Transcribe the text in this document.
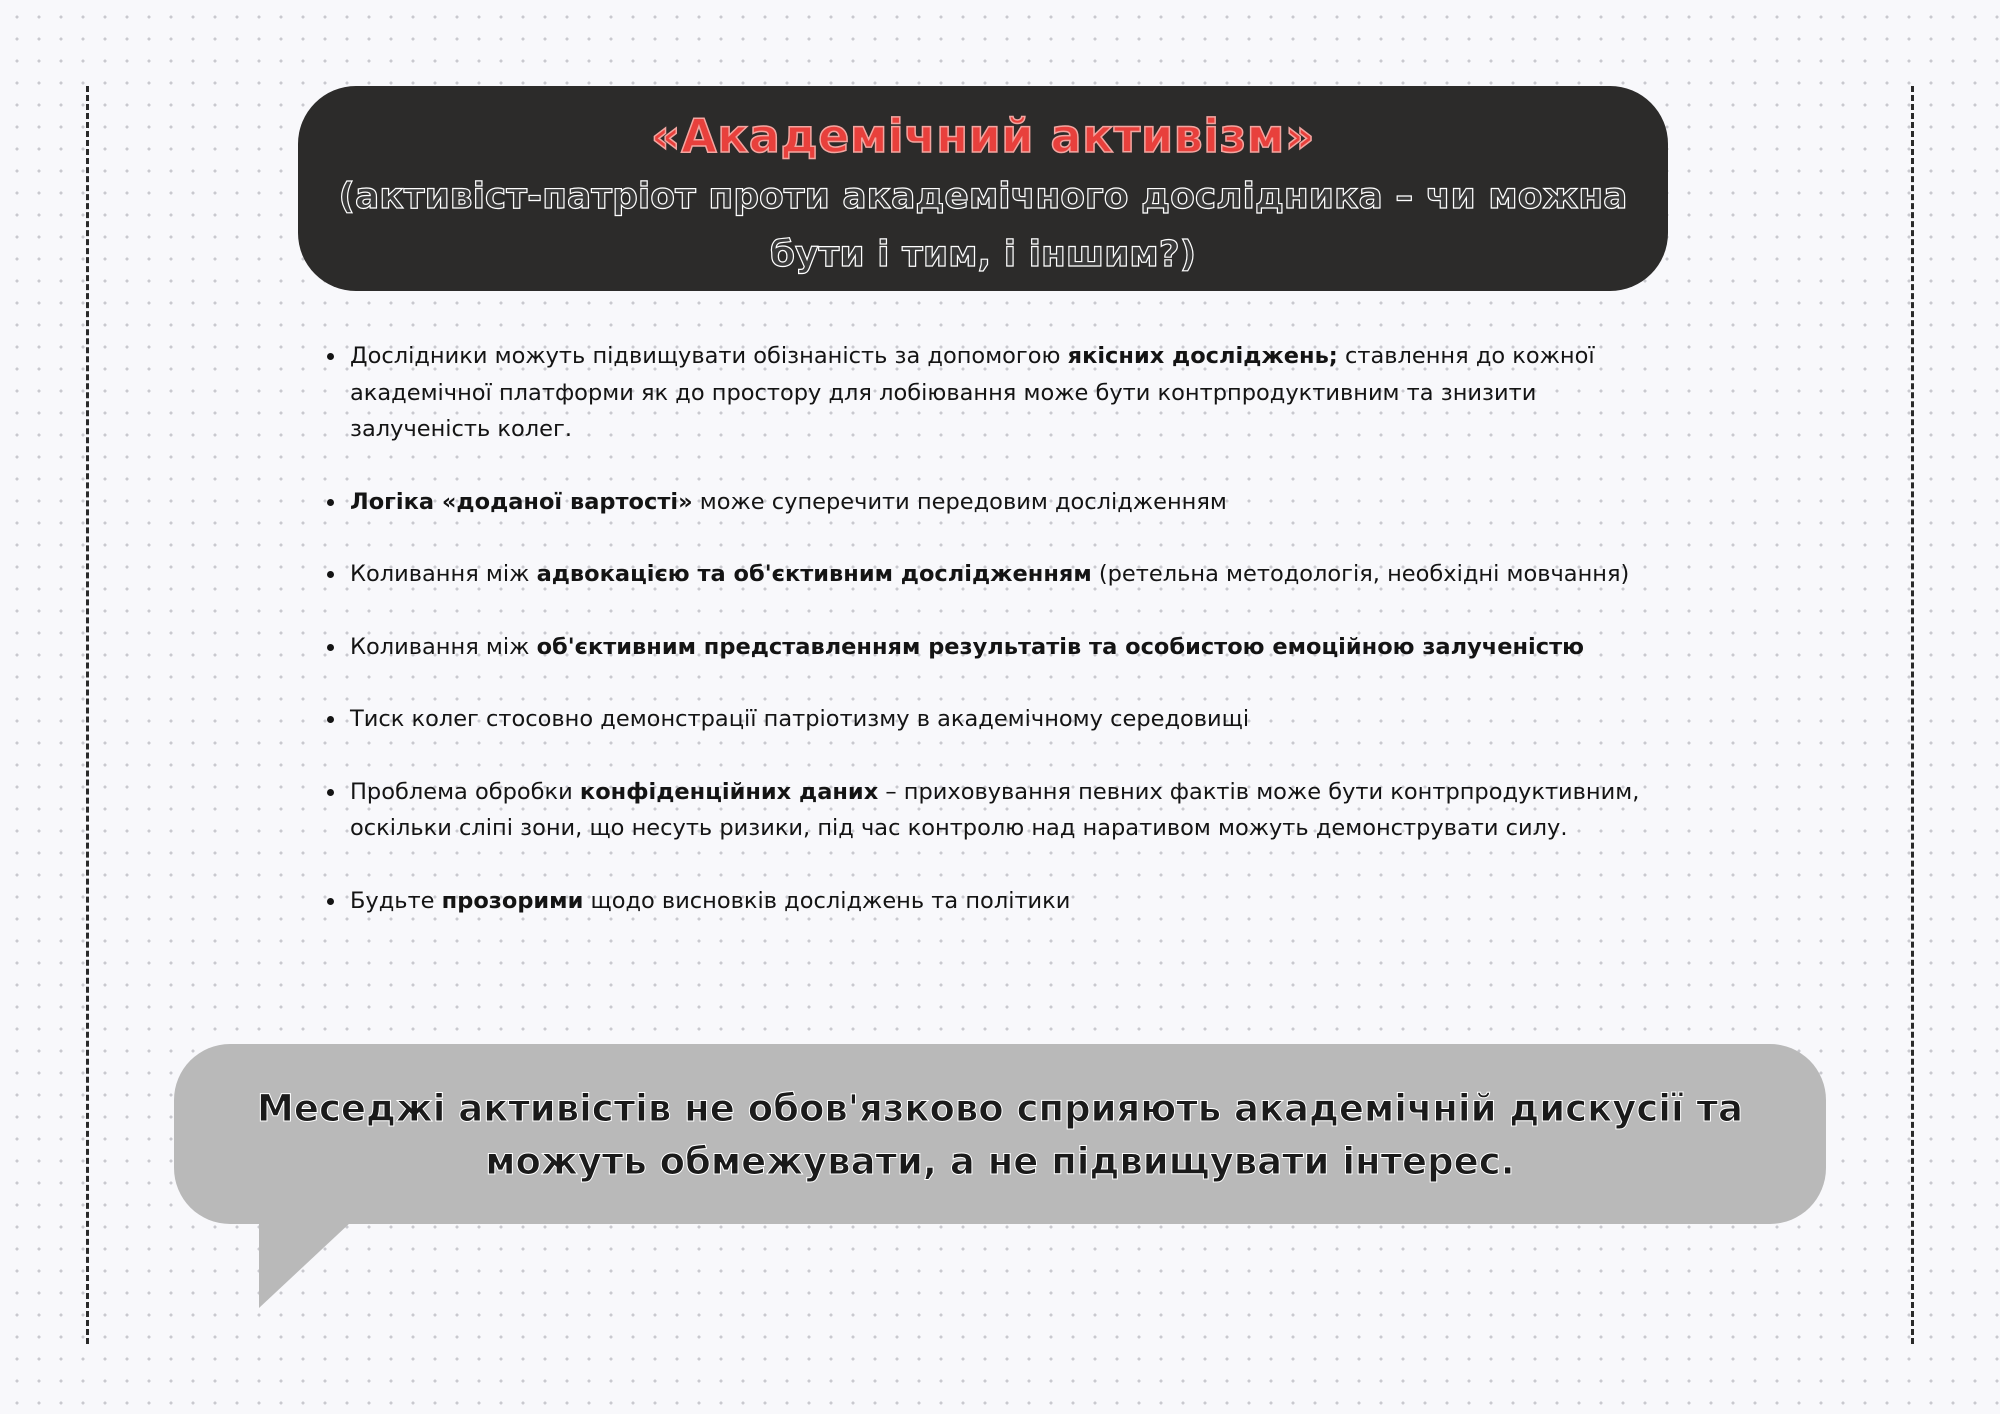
«Академічний активізм»

(активіст-патріот проти академічного дослідника – чи можна бути і тим, і іншим?)

Дослідники можуть підвищувати обізнаність за допомогою якісних досліджень; ставлення до кожної академічної платформи як до простору для лобіювання може бути контрпродуктивним та знизити залученість колег.
Логіка «доданої вартості» може суперечити передовим дослідженням
Коливання між адвокацією та об'єктивним дослідженням (ретельна методологія, необхідні мовчання)
Коливання між об'єктивним представленням результатів та особистою емоційною залученістю
Тиск колег стосовно демонстрації патріотизму в академічному середовищі
Проблема обробки конфіденційних даних – приховування певних фактів може бути контрпродуктивним, оскільки сліпі зони, що несуть ризики, під час контролю над наративом можуть демонструвати силу.
Будьте прозорими щодо висновків досліджень та політики

Меседжі активістів не обов'язково сприяють академічній дискусії та можуть обмежувати, а не підвищувати інтерес.
